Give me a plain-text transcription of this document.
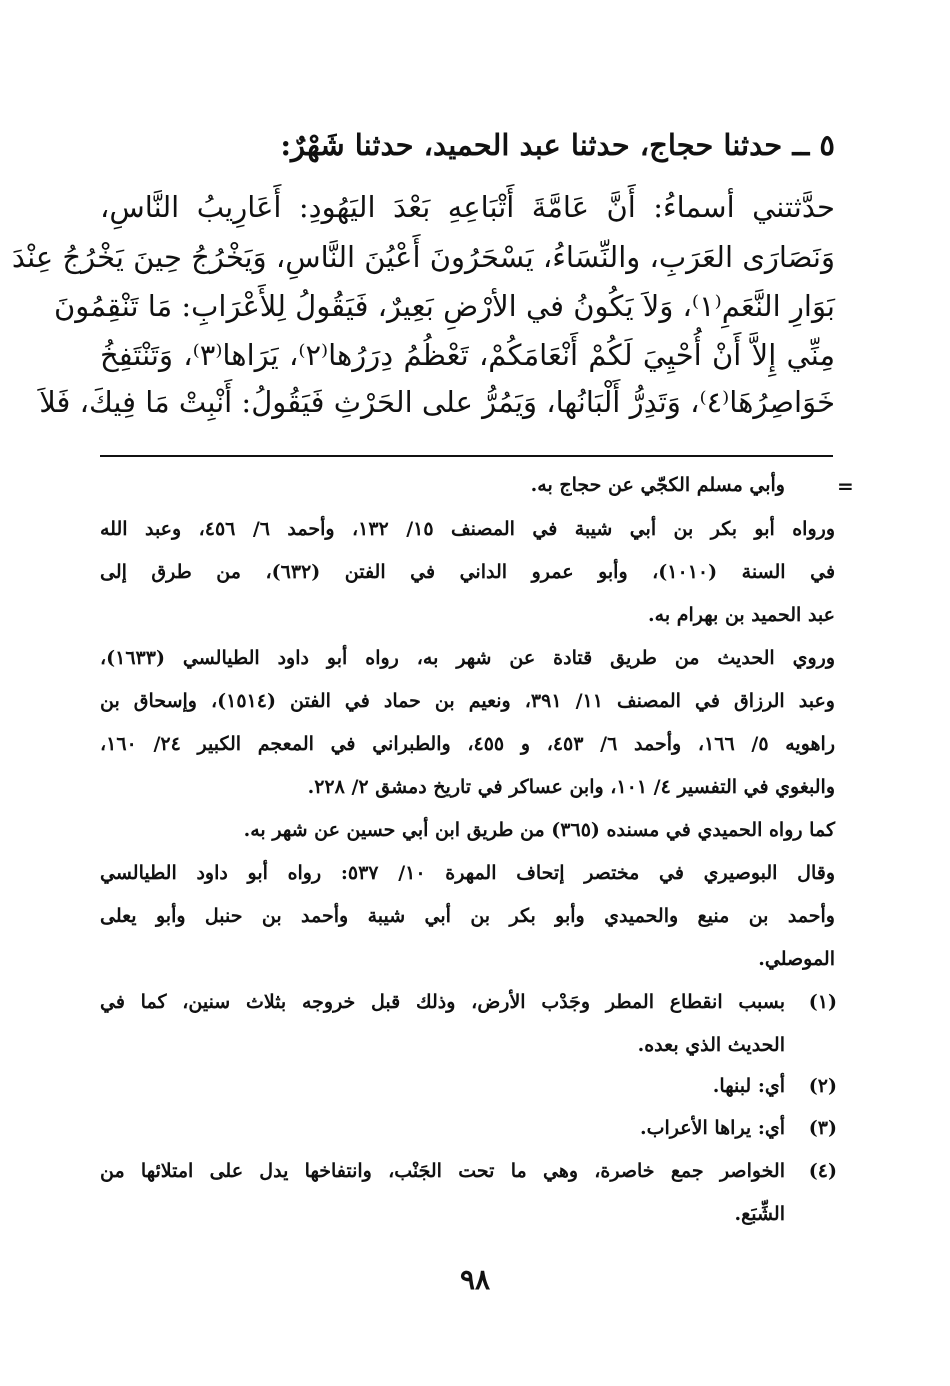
٥ ــ حدثنا حجاج، حدثنا عبد الحميد، حدثنا شَهْرٌ:
حدَّثتني أسماءُ: أَنَّ عَامَّةَ أَتْبَاعِهِ بَعْدَ اليَهُودِ: أَعَارِيبُ النَّاسِ،
وَنَصَارَى العَرَبِ، والنِّسَاءُ، يَسْحَرُونَ أَعْيُنَ النَّاسِ، وَيَخْرُجُ حِينَ يَخْرُجُ عِنْدَ
بَوَارِ النَّعَمِ⁽١⁾، وَلاَ يَكُونُ في الأرْضِ بَعِيرٌ، فَيَقُولُ لِلأَعْرَابِ: مَا تَنْقِمُونَ
مِنِّي إِلاَّ أَنْ أُحْيِيَ لَكُمْ أَنْعَامَكُمْ، تَعْظُمُ دِرَرُها⁽٢⁾، يَرَاها⁽٣⁾، وَتَنْتَفِخُ
خَوَاصِرُهَا⁽٤⁾، وَتَدِرُّ أَلْبَانُها، وَيَمُرُّ على الحَرْثِ فَيَقُولُ: أَنْبِتْ مَا فِيكَ، فَلاَ
وأبي مسلم الكجّي عن حجاج به.
ورواه أبو بكر بن أبي شيبة في المصنف ١٥/ ١٣٢، وأحمد ٦/ ٤٥٦، وعبد الله
في السنة (١٠١٠)، وأبو عمرو الداني في الفتن (٦٣٢)، من طرق إلى
عبد الحميد بن بهرام به.
وروي الحديث من طريق قتادة عن شهر به، رواه أبو داود الطيالسي (١٦٣٣)،
وعبد الرزاق في المصنف ١١/ ٣٩١، ونعيم بن حماد في الفتن (١٥١٤)، وإسحاق بن
راهويه ٥/ ١٦٦، وأحمد ٦/ ٤٥٣، و ٤٥٥، والطبراني في المعجم الكبير ٢٤/ ١٦٠،
والبغوي في التفسير ٤/ ١٠١، وابن عساكر في تاريخ دمشق ٢/ ٢٢٨.
كما رواه الحميدي في مسنده (٣٦٥) من طريق ابن أبي حسين عن شهر به.
وقال البوصيري في مختصر إتحاف المهرة ١٠/ ٥٣٧: رواه أبو داود الطيالسي
وأحمد بن منيع والحميدي وأبو بكر بن أبي شيبة وأحمد بن حنبل وأبو يعلى
الموصلي.
(١)
بسبب انقطاع المطر وجَدْب الأرض، وذلك قبل خروجه بثلاث سنين، كما في
الحديث الذي بعده.
(٢)
أي: لبنها.
(٣)
أي: يراها الأعراب.
(٤)
الخواصر جمع خاصرة، وهي ما تحت الجَنْب، وانتفاخها يدل على امتلائها من
الشِّبَع.
=
٩٨
